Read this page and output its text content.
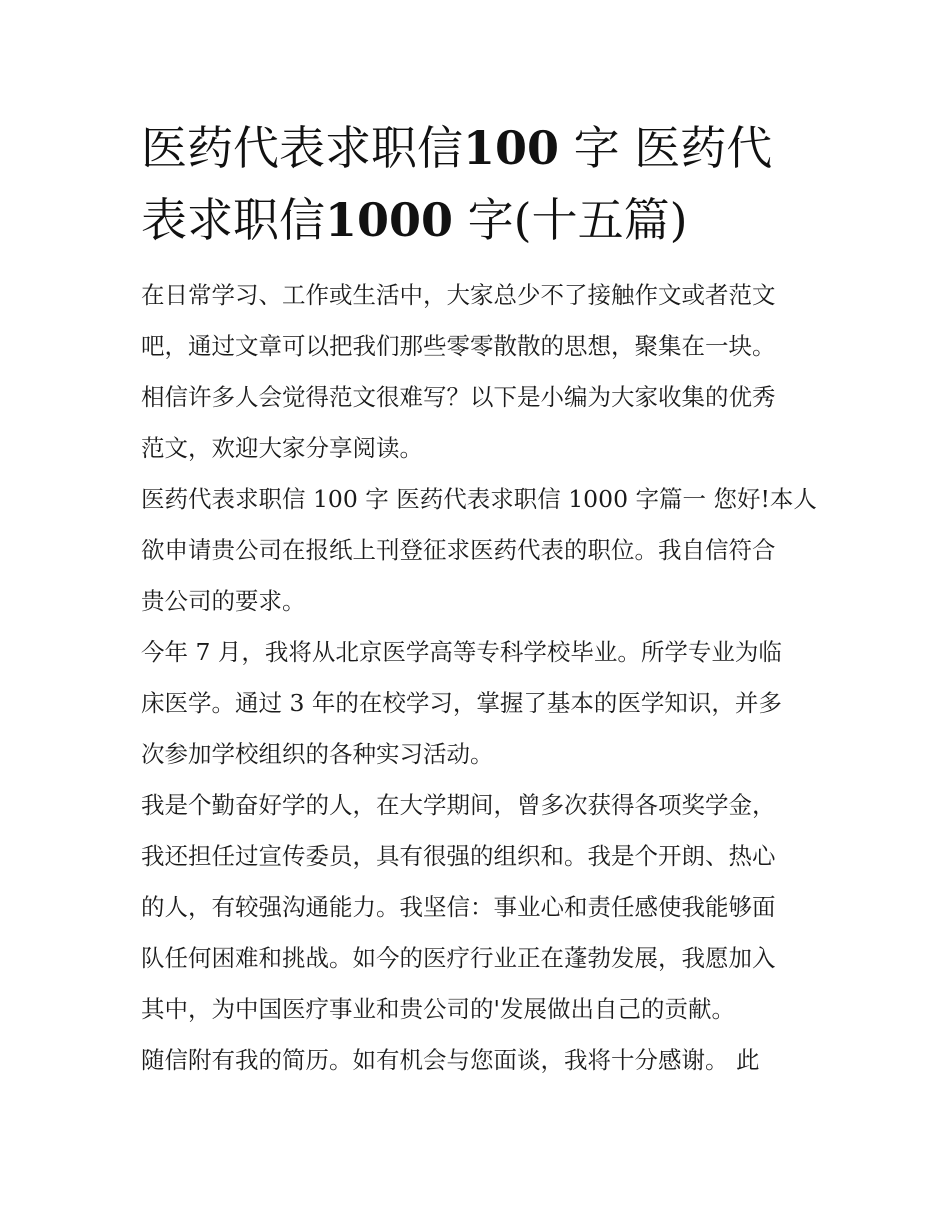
医药代表求职信100 字 医药代
表求职信1000 字(十五篇)

在日常学习、工作或生活中，大家总少不了接触作文或者范文
吧，通过文章可以把我们那些零零散散的思想，聚集在一块。
相信许多人会觉得范文很难写？以下是小编为大家收集的优秀
范文，欢迎大家分享阅读。

医药代表求职信 100 字 医药代表求职信 1000 字篇一 您好!本人
欲申请贵公司在报纸上刊登征求医药代表的职位。我自信符合
贵公司的要求。

今年 7 月，我将从北京医学高等专科学校毕业。所学专业为临
床医学。通过 3 年的在校学习，掌握了基本的医学知识，并多
次参加学校组织的各种实习活动。

我是个勤奋好学的人，在大学期间，曾多次获得各项奖学金，
我还担任过宣传委员，具有很强的组织和。我是个开朗、热心
的人，有较强沟通能力。我坚信：事业心和责任感使我能够面
队任何困难和挑战。如今的医疗行业正在蓬勃发展，我愿加入
其中，为中国医疗事业和贵公司的'发展做出自己的贡献。

随信附有我的简历。如有机会与您面谈，我将十分感谢。 此
